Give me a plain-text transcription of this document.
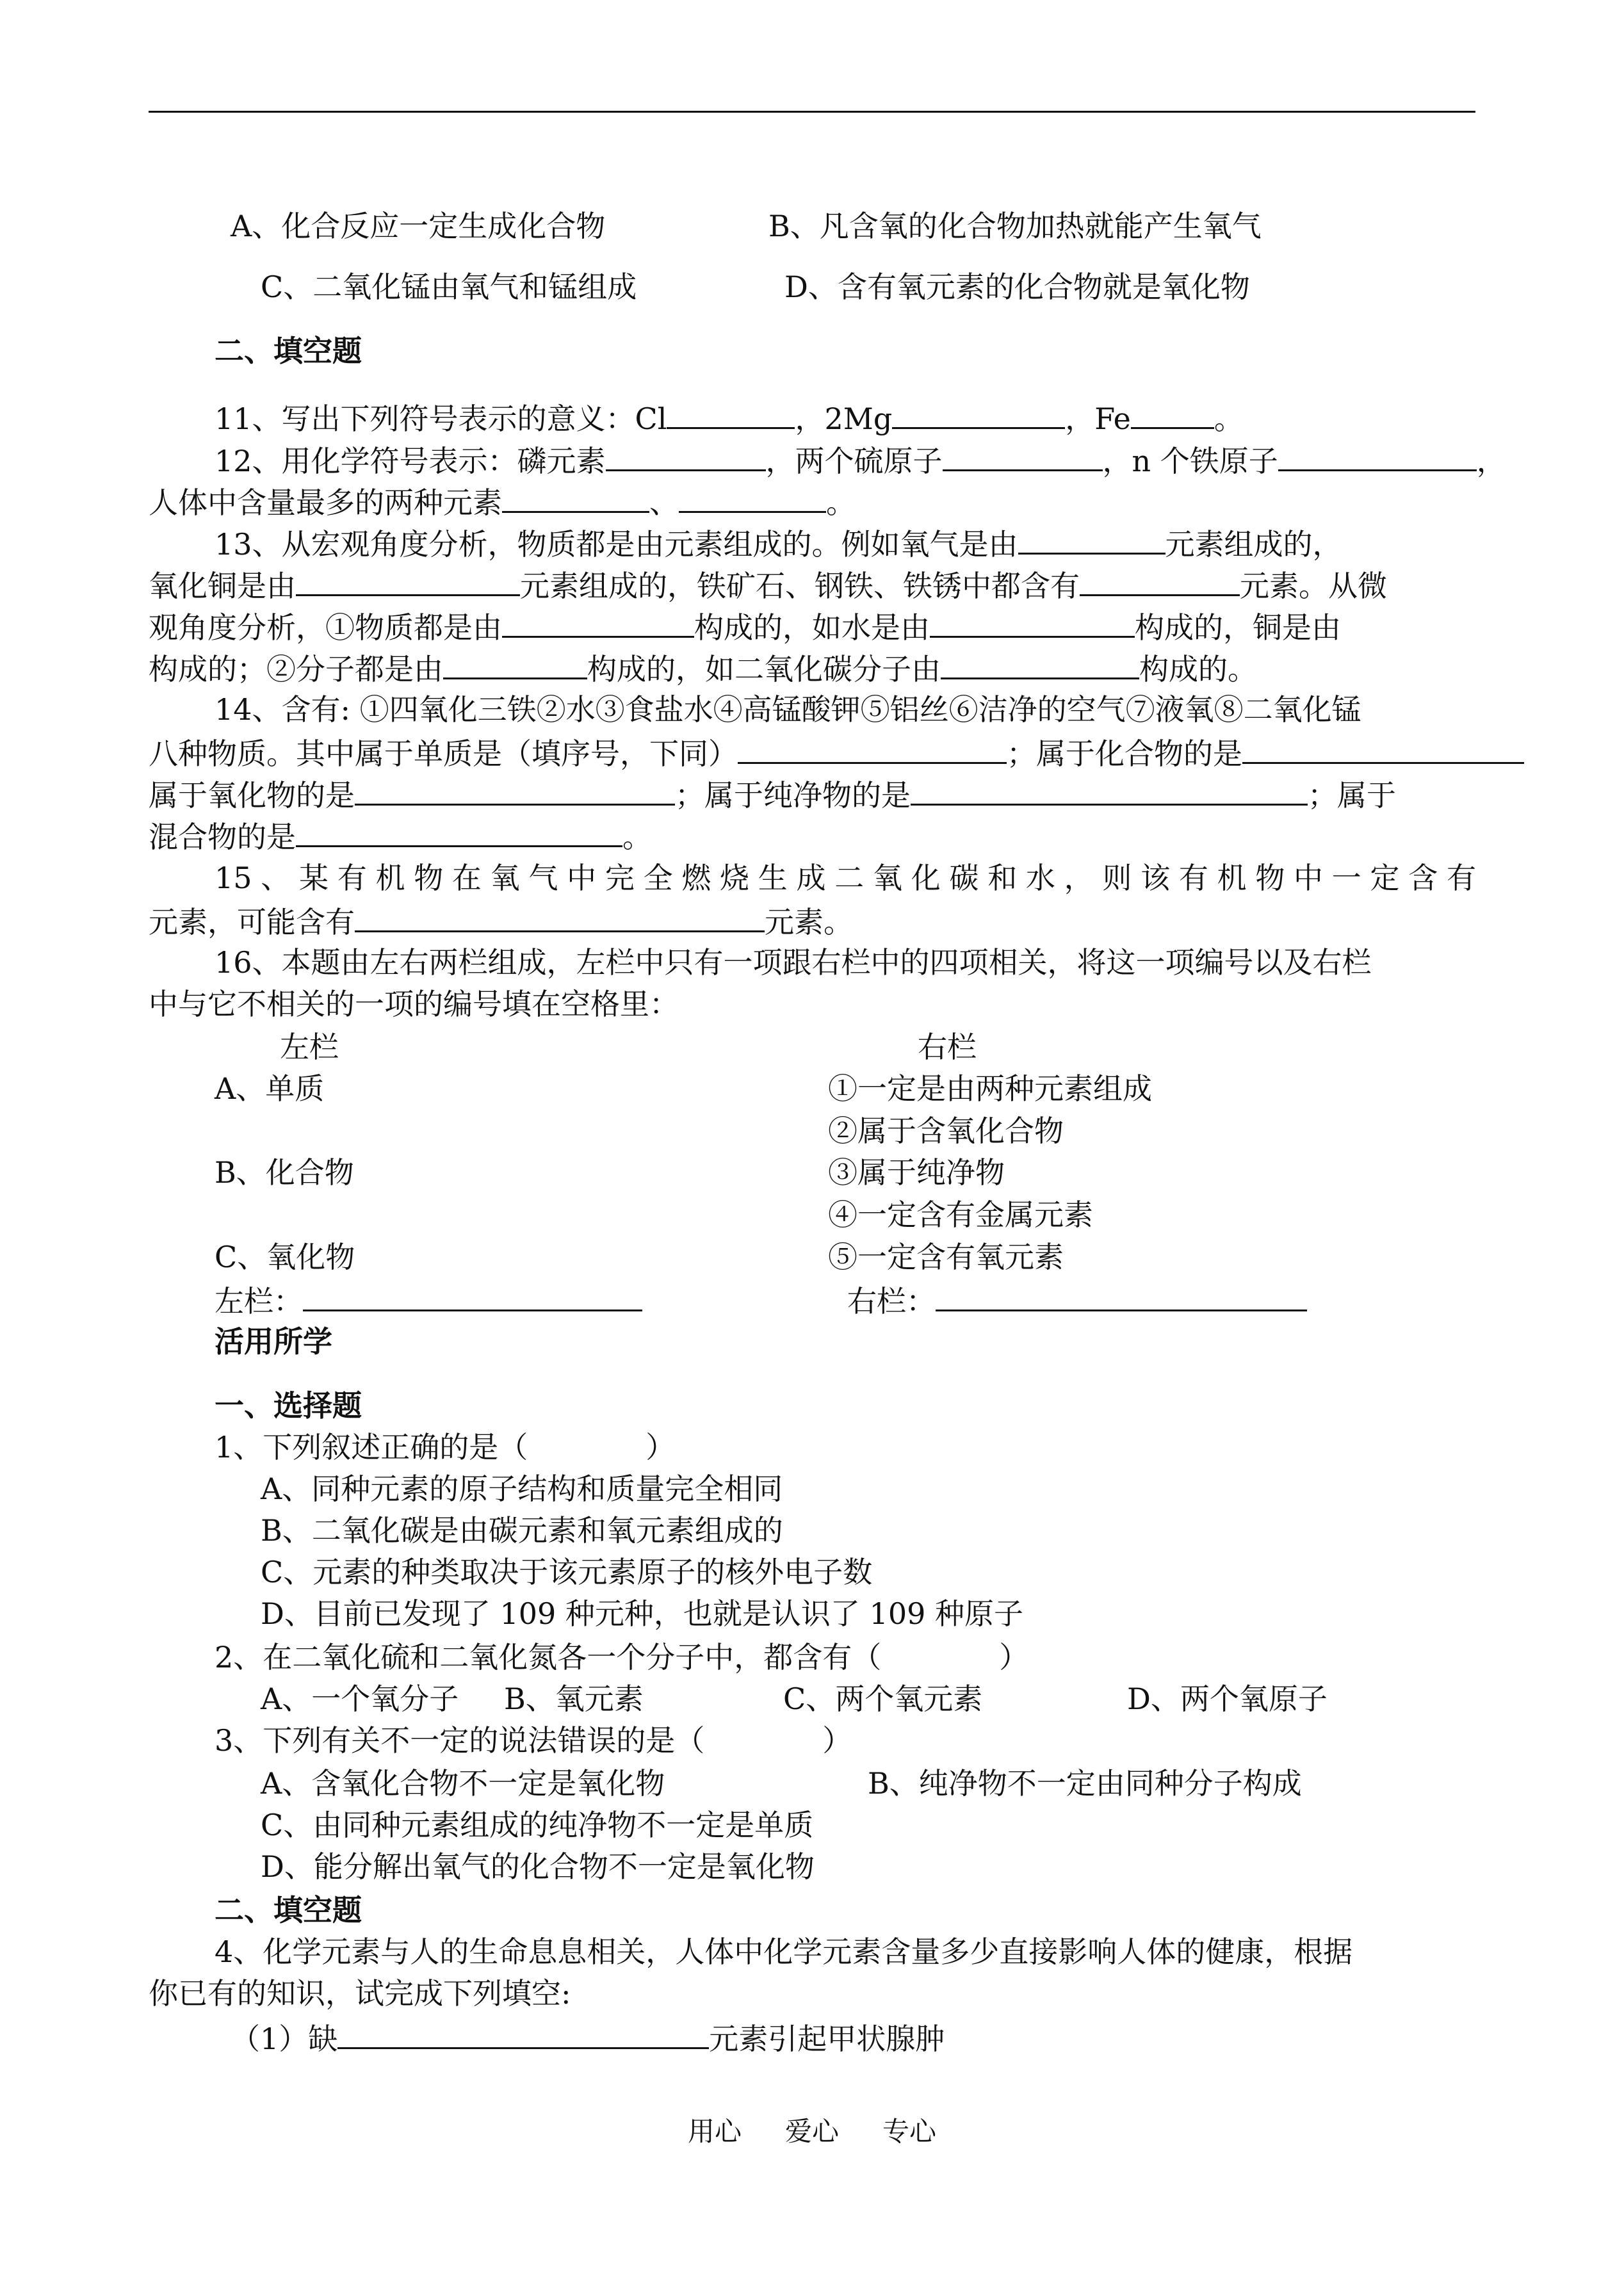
A、化合反应一定生成化合物	B、凡含氧的化合物加热就能产生氧气
C、二氧化锰由氧气和锰组成	D、含有氧元素的化合物就是氧化物
二、填空题
11、写出下列符号表示的意义：Cl	，2Mg	，Fe	。
12、用化学符号表示：磷元素	，两个硫原子	，n 个铁原子	，
人体中含量最多的两种元素	、	。
13、从宏观角度分析，物质都是由元素组成的。例如氧气是由	元素组成的，
氧化铜是由	元素组成的，铁矿石、钢铁、铁锈中都含有	元素。从微
观角度分析，①物质都是由	构成的，如水是由	构成的，铜是由
构成的；②分子都是由	构成的，如二氧化碳分子由	构成的。
14、含有: ①四氧化三铁②水③食盐水④高锰酸钾⑤铝丝⑥洁净的空气⑦液氧⑧二氧化锰
八种物质。其中属于单质是（填序号，下同）	；属于化合物的是
属于氧化物的是	；属于纯净物的是	；属于
混合物的是	。
15、某有机物在氧气中完全燃烧生成二氧化碳和水，则该有机物中一定含有
元素，可能含有	元素。
16、本题由左右两栏组成，左栏中只有一项跟右栏中的四项相关，将这一项编号以及右栏
中与它不相关的一项的编号填在空格里：
左栏	右栏
A、单质
B、化合物
C、氧化物
①一定是由两种元素组成
②属于含氧化合物
③属于纯净物
④一定含有金属元素
⑤一定含有氧元素
左栏：	右栏：
活用所学
一、选择题
1、下列叙述正确的是（　　　　）
A、同种元素的原子结构和质量完全相同
B、二氧化碳是由碳元素和氧元素组成的
C、元素的种类取决于该元素原子的核外电子数
D、目前已发现了 109 种元种，也就是认识了 109 种原子
2、在二氧化硫和二氧化氮各一个分子中，都含有（　　　　）
A、一个氧分子 B、氧元素	C、两个氧元素	D、两个氧原子
3、下列有关不一定的说法错误的是（　　　　）
A、含氧化合物不一定是氧化物	B、纯净物不一定由同种分子构成
C、由同种元素组成的纯净物不一定是单质
D、能分解出氧气的化合物不一定是氧化物
二、填空题
4、化学元素与人的生命息息相关，人体中化学元素含量多少直接影响人体的健康，根据
你已有的知识，试完成下列填空:
（1）缺	元素引起甲状腺肿
用心 爱心 专心
